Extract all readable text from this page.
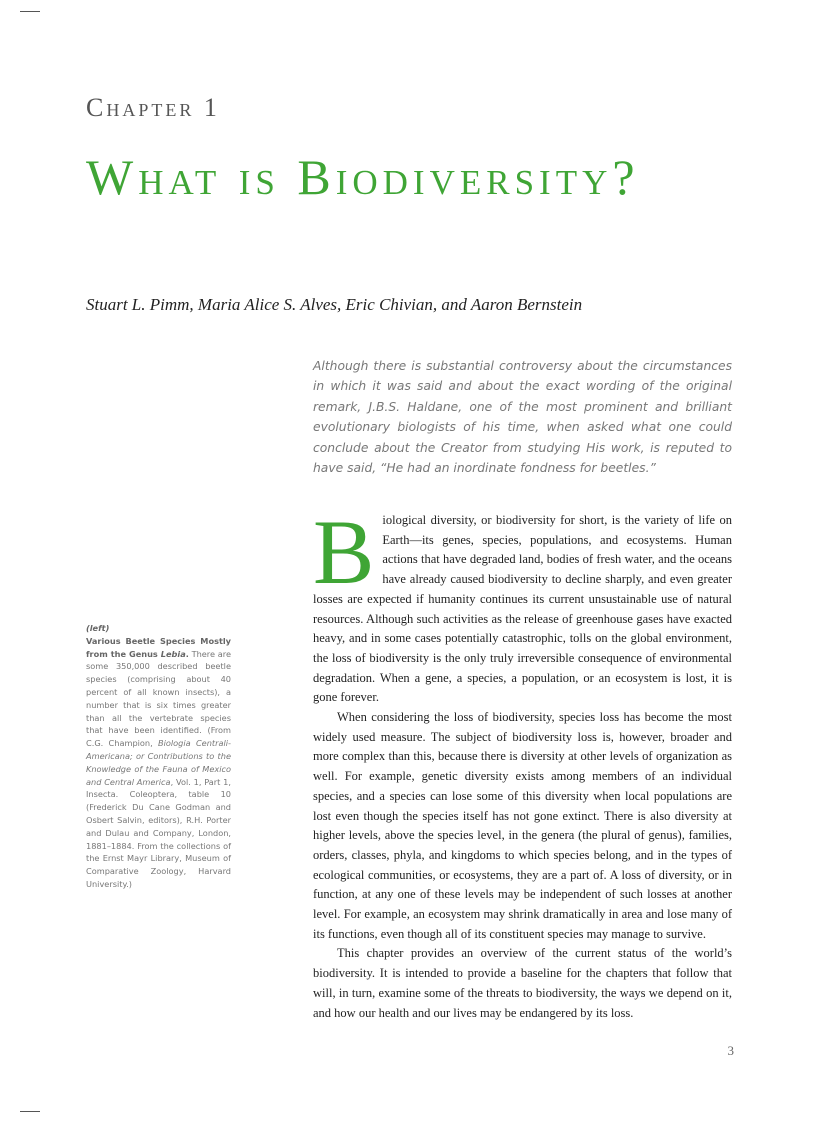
Chapter 1
What is Biodiversity?

Stuart L. Pimm, Maria Alice S. Alves, Eric Chivian, and Aaron Bernstein

Although there is substantial controversy about the circumstances in which it was said and about the exact wording of the original remark, J.B.S. Haldane, one of the most prominent and brilliant evolutionary biologists of his time, when asked what one could conclude about the Creator from studying His work, is reputed to have said, “He had an inordinate fondness for beetles.”

Biological diversity, or biodiversity for short, is the variety of life on Earth—its genes, species, populations, and ecosystems. Human actions that have degraded land, bodies of fresh water, and the oceans have already caused biodiversity to decline sharply, and even greater losses are expected if humanity continues its current unsustainable use of natural resources. Although such activities as the release of greenhouse gases have exacted heavy, and in some cases potentially catastrophic, tolls on the global environment, the loss of biodiversity is the only truly irreversible consequence of environmental degradation. When a gene, a species, a population, or an ecosystem is lost, it is gone forever.

When considering the loss of biodiversity, species loss has become the most widely used measure. The subject of biodiversity loss is, however, broader and more complex than this, because there is diversity at other levels of organization as well. For example, genetic diversity exists among members of an individual species, and a species can lose some of this diversity when local populations are lost even though the species itself has not gone extinct. There is also diversity at higher levels, above the species level, in the genera (the plural of genus), families, orders, classes, phyla, and kingdoms to which species belong, and in the types of ecological communities, or ecosystems, they are a part of. A loss of diversity, or in function, at any one of these levels may be independent of such losses at another level. For example, an ecosystem may shrink dramatically in area and lose many of its functions, even though all of its constituent species may manage to survive.

This chapter provides an overview of the current status of the world’s biodiversity. It is intended to provide a baseline for the chapters that follow that will, in turn, examine some of the threats to biodiversity, the ways we depend on it, and how our health and our lives may be endangered by its loss.

(left)
Various Beetle Species Mostly from the Genus Lebia. There are some 350,000 described beetle species (comprising about 40 percent of all known insects), a number that is six times greater than all the vertebrate species that have been identified. (From C.G. Champion, Biologia Centrali-Americana; or Contributions to the Knowledge of the Fauna of Mexico and Central America, Vol. 1, Part 1, Insecta. Coleoptera, table 10 (Frederick Du Cane Godman and Osbert Salvin, editors), R.H. Porter and Dulau and Company, London, 1881–1884. From the collections of the Ernst Mayr Library, Museum of Comparative Zoology, Harvard University.)

3
